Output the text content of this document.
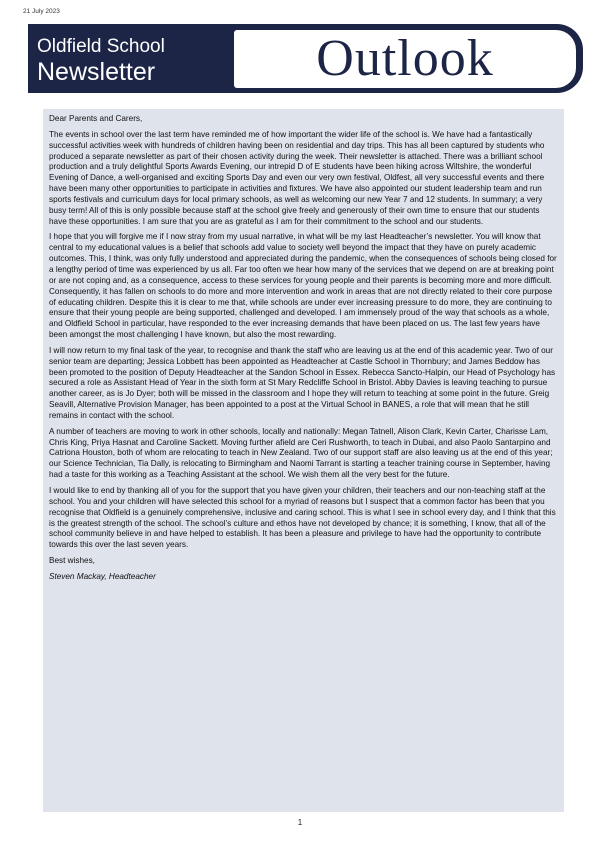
21 July 2023
Oldfield School
Newsletter	Outlook

Dear Parents and Carers,

The events in school over the last term have reminded me of how important the wider life of the school is. We have had a fantastically successful activities week with hundreds of children having been on residential and day trips. This has all been captured by students who produced a separate newsletter as part of their chosen activity during the week. Their newsletter is attached. There was a brilliant school production and a truly delightful Sports Awards Evening, our intrepid D of E students have been hiking across Wiltshire, the wonderful Evening of Dance, a well-organised and exciting Sports Day and even our very own festival, Oldfest, all very successful events and there have been many other opportunities to participate in activities and fixtures. We have also appointed our student leadership team and run sports festivals and curriculum days for local primary schools, as well as welcoming our new Year 7 and 12 students. In summary; a very busy term! All of this is only possible because staff at the school give freely and generously of their own time to ensure that our students have these opportunities. I am sure that you are as grateful as I am for their commitment to the school and our students.

I hope that you will forgive me if I now stray from my usual narrative, in what will be my last Headteacher’s newsletter. You will know that central to my educational values is a belief that schools add value to society well beyond the impact that they have on purely academic outcomes. This, I think, was only fully understood and appreciated during the pandemic, when the consequences of schools being closed for a lengthy period of time was experienced by us all. Far too often we hear how many of the services that we depend on are at breaking point or are not coping and, as a consequence, access to these services for young people and their parents is becoming more and more difficult. Consequently, it has fallen on schools to do more and more intervention and work in areas that are not directly related to their core purpose of educating children. Despite this it is clear to me that, while schools are under ever increasing pressure to do more, they are continuing to ensure that their young people are being supported, challenged and developed. I am immensely proud of the way that schools as a whole, and Oldfield School in particular, have responded to the ever increasing demands that have been placed on us. The last few years have been amongst the most challenging I have known, but also the most rewarding.

I will now return to my final task of the year, to recognise and thank the staff who are leaving us at the end of this academic year. Two of our senior team are departing; Jessica Lobbett has been appointed as Headteacher at Castle School in Thornbury; and James Beddow has been promoted to the position of Deputy Headteacher at the Sandon School in Essex. Rebecca Sancto-Halpin, our Head of Psychology has secured a role as Assistant Head of Year in the sixth form at St Mary Redcliffe School in Bristol. Abby Davies is leaving teaching to pursue another career, as is Jo Dyer; both will be missed in the classroom and I hope they will return to teaching at some point in the future. Greig Seavill, Alternative Provision Manager, has been appointed to a post at the Virtual School in BANES, a role that will mean that he still remains in contact with the school.

A number of teachers are moving to work in other schools, locally and nationally: Megan Tatnell, Alison Clark, Kevin Carter, Charisse Lam, Chris King, Priya Hasnat and Caroline Sackett. Moving further afield are Ceri Rushworth, to teach in Dubai, and also Paolo Santarpino and Catriona Houston, both of whom are relocating to teach in New Zealand. Two of our support staff are also leaving us at the end of this year; our Science Technician, Tia Dally, is relocating to Birmingham and Naomi Tarrant is starting a teacher training course in September, having had a taste for this working as a Teaching Assistant at the school. We wish them all the very best for the future.

I would like to end by thanking all of you for the support that you have given your children, their teachers and our non-teaching staff at the school. You and your children will have selected this school for a myriad of reasons but I suspect that a common factor has been that you recognise that Oldfield is a genuinely comprehensive, inclusive and caring school. This is what I see in school every day, and I think that this is the greatest strength of the school. The school’s culture and ethos have not developed by chance; it is something, I know, that all of the school community believe in and have helped to establish. It has been a pleasure and privilege to have had the opportunity to contribute towards this over the last seven years.

Best wishes,

Steven Mackay, Headteacher

1
